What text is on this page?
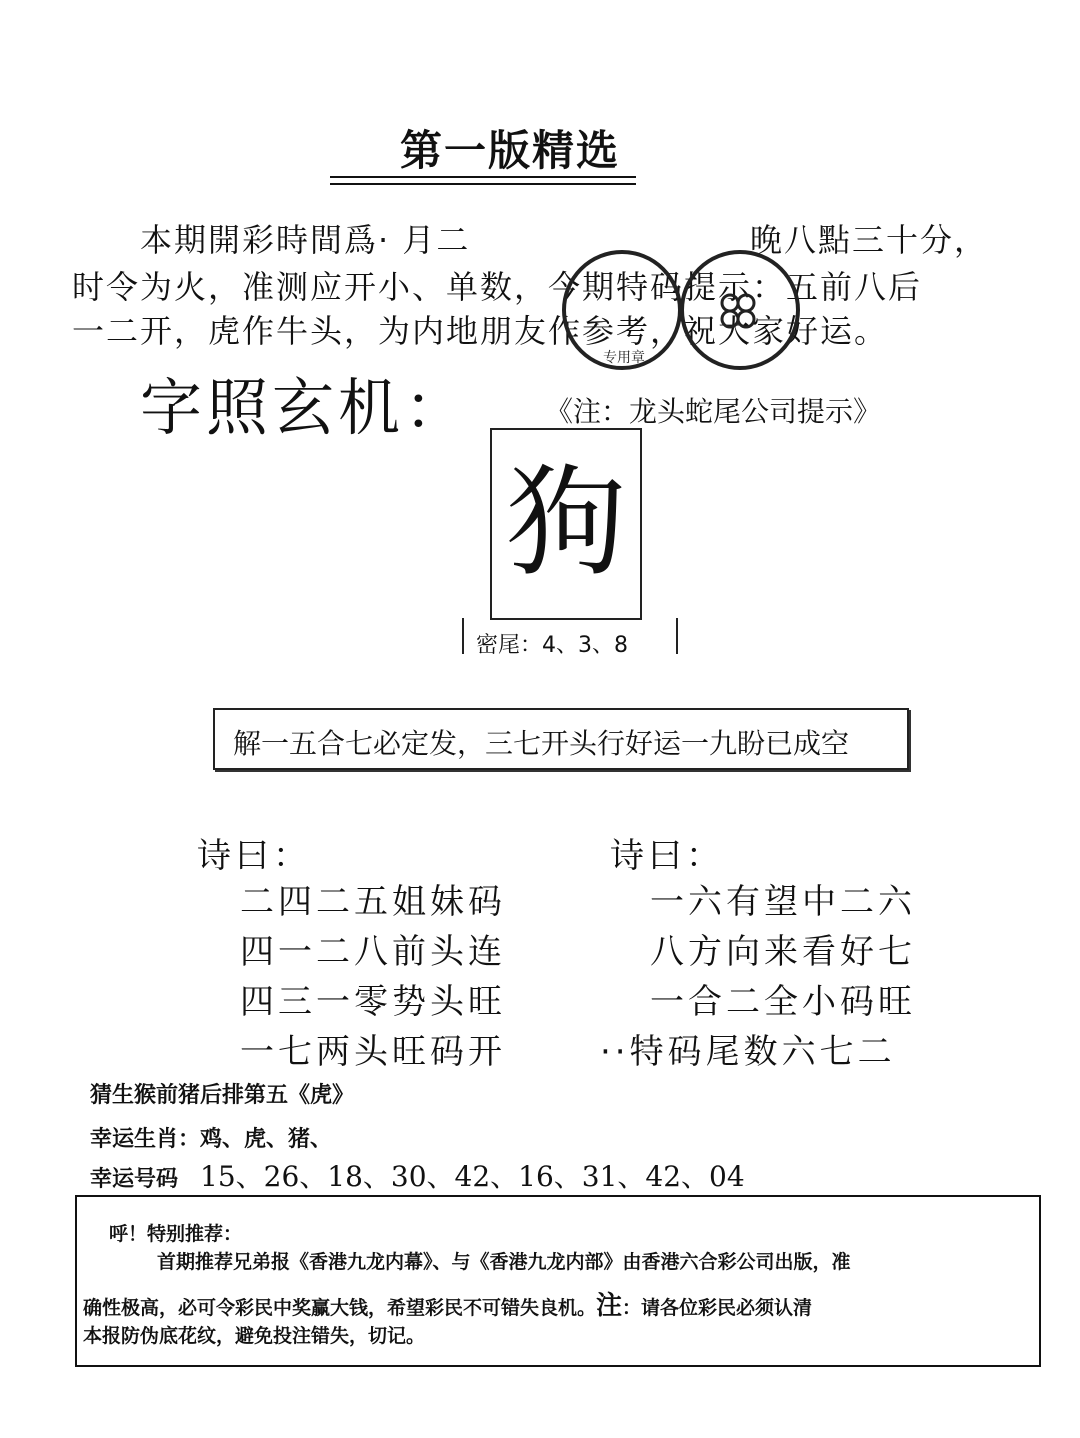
第一版精选
本期開彩時間爲· 月二	晚八點三十分，
时令为火，准测应开小、单数，今期特码提示：五前八后
一二开，虎作牛头，为内地朋友作参考，祝大家好运。
专用章
字照玄机：	《注：龙头蛇尾公司提示》
狗
密尾：4、3、8
解一五合七必定发，三七开头行好运一九盼已成空
诗曰：
二四二五姐妹码
四一二八前头连
四三一零势头旺
一七两头旺码开
诗曰：
一六有望中二六
八方向来看好七
一合二全小码旺
··特码尾数六七二
猜生猴前猪后排第五《虎》
幸运生肖：鸡、虎、猪、
幸运号码 15、26、18、30、42、16、31、42、04
呼！特别推荐：
首期推荐兄弟报《香港九龙内幕》、与《香港九龙内部》由香港六合彩公司出版，准
确性极高，必可令彩民中奖赢大钱，希望彩民不可错失良机。注：请各位彩民必须认清
本报防伪底花纹，避免投注错失，切记。
